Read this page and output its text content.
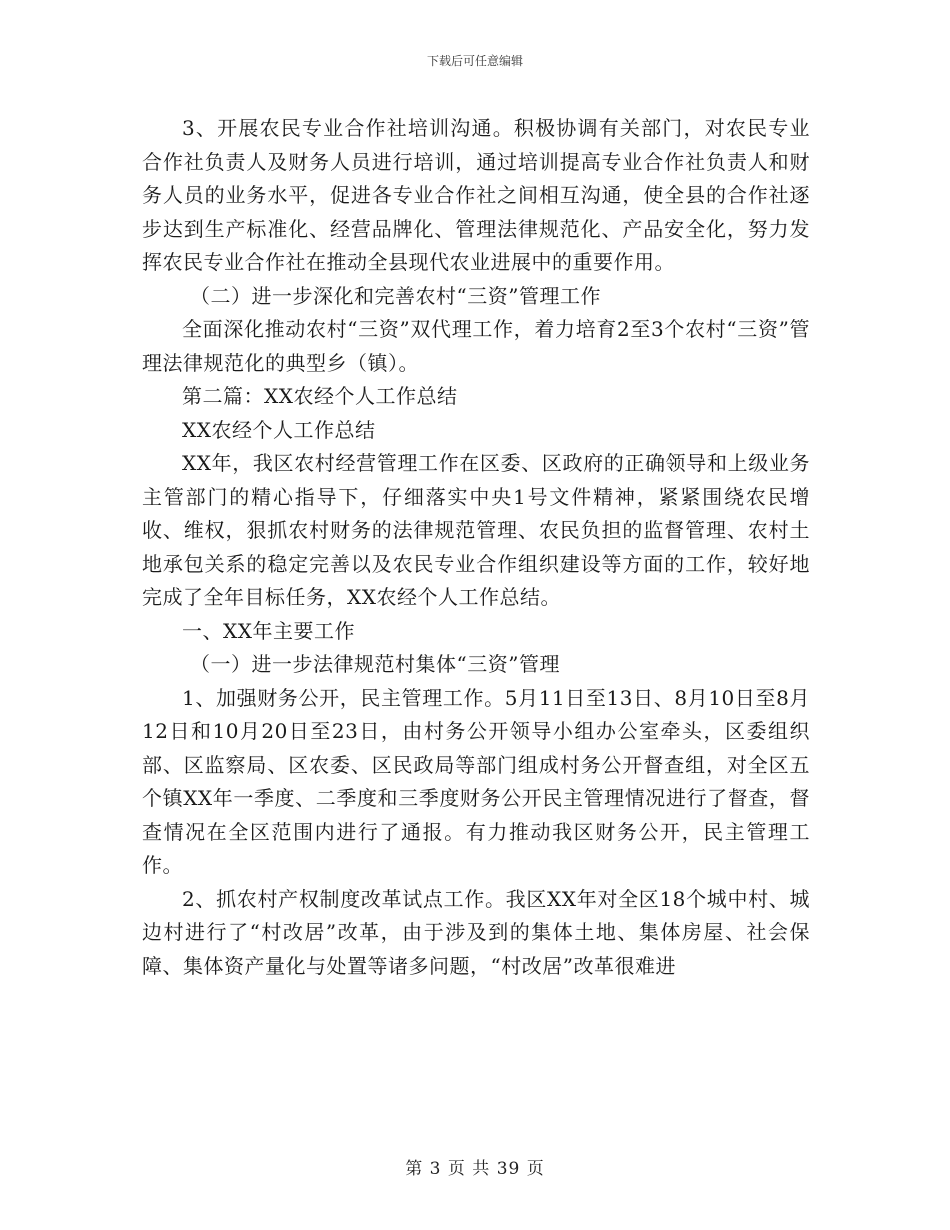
下载后可任意编辑

3、开展农民专业合作社培训沟通。积极协调有关部门，对农民专业合作社负责人及财务人员进行培训，通过培训提高专业合作社负责人和财务人员的业务水平，促进各专业合作社之间相互沟通，使全县的合作社逐步达到生产标准化、经营品牌化、管理法律规范化、产品安全化，努力发挥农民专业合作社在推动全县现代农业进展中的重要作用。

（二）进一步深化和完善农村“三资”管理工作

全面深化推动农村“三资”双代理工作，着力培育2至3个农村“三资”管理法律规范化的典型乡（镇）。

第二篇：XX农经个人工作总结

XX农经个人工作总结

XX年，我区农村经营管理工作在区委、区政府的正确领导和上级业务主管部门的精心指导下，仔细落实中央1号文件精神，紧紧围绕农民增收、维权，狠抓农村财务的法律规范管理、农民负担的监督管理、农村土地承包关系的稳定完善以及农民专业合作组织建设等方面的工作，较好地完成了全年目标任务，XX农经个人工作总结。

一、XX年主要工作

（一）进一步法律规范村集体“三资”管理

1、加强财务公开，民主管理工作。5月11日至13日、8月10日至8月12日和10月20日至23日，由村务公开领导小组办公室牵头，区委组织部、区监察局、区农委、区民政局等部门组成村务公开督查组，对全区五个镇XX年一季度、二季度和三季度财务公开民主管理情况进行了督查，督查情况在全区范围内进行了通报。有力推动我区财务公开，民主管理工作。

2、抓农村产权制度改革试点工作。我区XX年对全区18个城中村、城边村进行了“村改居”改革，由于涉及到的集体土地、集体房屋、社会保障、集体资产量化与处置等诸多问题，“村改居”改革很难进

第 3 页 共 39 页
